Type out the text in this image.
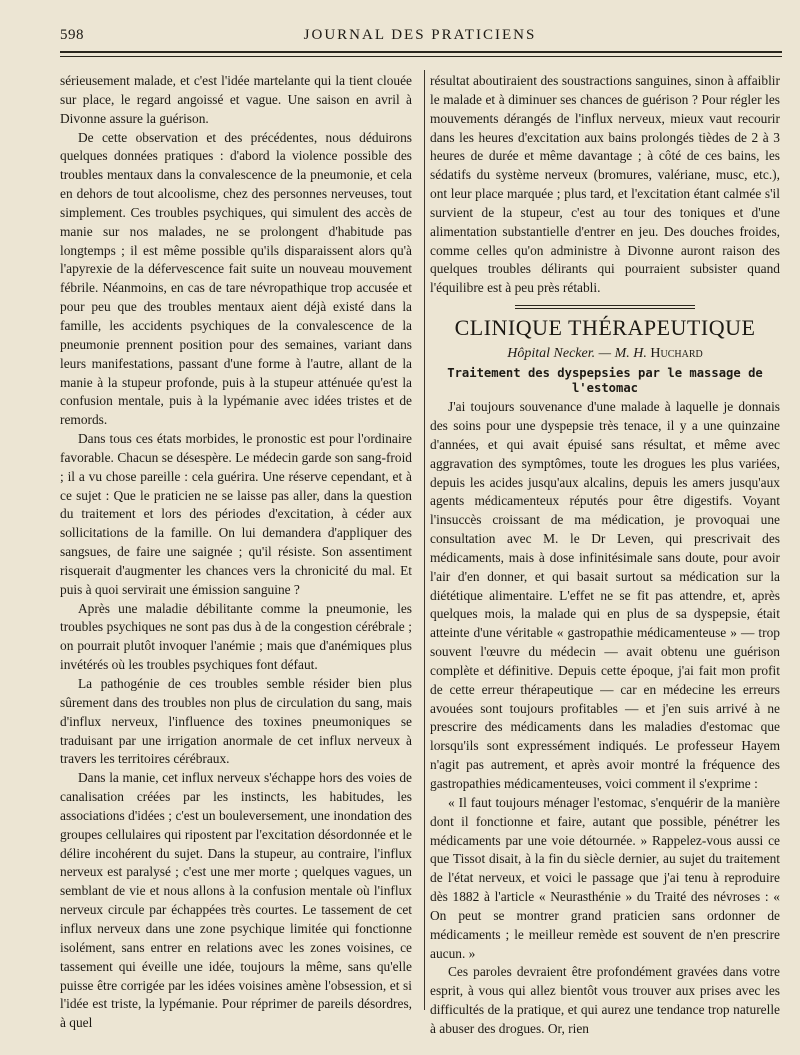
598	JOURNAL DES PRATICIENS

sérieusement malade, et c'est l'idée martelante qui la tient clouée sur place, le regard angoissé et vague. Une saison en avril à Divonne assure la guérison.

De cette observation et des précédentes, nous déduirons quelques données pratiques : d'abord la violence possible des troubles mentaux dans la convalescence de la pneumonie, et cela en dehors de tout alcoolisme, chez des personnes nerveuses, tout simplement. Ces troubles psychiques, qui simulent des accès de manie sur nos malades, ne se prolongent d'habitude pas longtemps ; il est même possible qu'ils disparaissent alors qu'à l'apyrexie de la défervescence fait suite un nouveau mouvement fébrile. Néanmoins, en cas de tare névropathique trop accusée et pour peu que des troubles mentaux aient déjà existé dans la famille, les accidents psychiques de la convalescence de la pneumonie prennent position pour des semaines, variant dans leurs manifestations, passant d'une forme à l'autre, allant de la manie à la stupeur profonde, puis à la stupeur atténuée qu'est la confusion mentale, puis à la lypémanie avec idées tristes et de remords.

Dans tous ces états morbides, le pronostic est pour l'ordinaire favorable. Chacun se désespère. Le médecin garde son sang-froid ; il a vu chose pareille : cela guérira. Une réserve cependant, et à ce sujet : Que le praticien ne se laisse pas aller, dans la question du traitement et lors des périodes d'excitation, à céder aux sollicitations de la famille. On lui demandera d'appliquer des sangsues, de faire une saignée ; qu'il résiste. Son assentiment risquerait d'augmenter les chances vers la chronicité du mal. Et puis à quoi servirait une émission sanguine ?

Après une maladie débilitante comme la pneumonie, les troubles psychiques ne sont pas dus à de la congestion cérébrale ; on pourrait plutôt invoquer l'anémie ; mais que d'anémiques plus invétérés où les troubles psychiques font défaut.

La pathogénie de ces troubles semble résider bien plus sûrement dans des troubles non plus de circulation du sang, mais d'influx nerveux, l'influence des toxines pneumoniques se traduisant par une irrigation anormale de cet influx nerveux à travers les territoires cérébraux.

Dans la manie, cet influx nerveux s'échappe hors des voies de canalisation créées par les instincts, les habitudes, les associations d'idées ; c'est un bouleversement, une inondation des groupes cellulaires qui ripostent par l'excitation désordonnée et le délire incohérent du sujet. Dans la stupeur, au contraire, l'influx nerveux est paralysé ; c'est une mer morte ; quelques vagues, un semblant de vie et nous allons à la confusion mentale où l'influx nerveux circule par échappées très courtes. Le tassement de cet influx nerveux dans une zone psychique limitée qui fonctionne isolément, sans entrer en relations avec les zones voisines, ce tassement qui éveille une idée, toujours la même, sans qu'elle puisse être corrigée par les idées voisines amène l'obsession, et si l'idée est triste, la lypémanie. Pour réprimer de pareils désordres, à quel

résultat aboutiraient des soustractions sanguines, sinon à affaiblir le malade et à diminuer ses chances de guérison ? Pour régler les mouvements dérangés de l'influx nerveux, mieux vaut recourir dans les heures d'excitation aux bains prolongés tièdes de 2 à 3 heures de durée et même davantage ; à côté de ces bains, les sédatifs du système nerveux (bromures, valériane, musc, etc.), ont leur place marquée ; plus tard, et l'excitation étant calmée s'il survient de la stupeur, c'est au tour des toniques et d'une alimentation substantielle d'entrer en jeu. Des douches froides, comme celles qu'on administre à Divonne auront raison des quelques troubles délirants qui pourraient subsister quand l'équilibre est à peu près rétabli.

CLINIQUE THÉRAPEUTIQUE
Hôpital Necker. — M. H. Huchard
Traitement des dyspepsies par le massage de l'estomac

J'ai toujours souvenance d'une malade à laquelle je donnais des soins pour une dyspepsie très tenace, il y a une quinzaine d'années, et qui avait épuisé sans résultat, et même avec aggravation des symptômes, toute les drogues les plus variées, depuis les acides jusqu'aux alcalins, depuis les amers jusqu'aux agents médicamenteux réputés pour être digestifs. Voyant l'insuccès croissant de ma médication, je provoquai une consultation avec M. le Dr Leven, qui prescrivait des médicaments, mais à dose infinitésimale sans doute, pour avoir l'air d'en donner, et qui basait surtout sa médication sur la diététique alimentaire. L'effet ne se fit pas attendre, et, après quelques mois, la malade qui en plus de sa dyspepsie, était atteinte d'une véritable « gastropathie médicamenteuse » — trop souvent l'œuvre du médecin — avait obtenu une guérison complète et définitive. Depuis cette époque, j'ai fait mon profit de cette erreur thérapeutique — car en médecine les erreurs avouées sont toujours profitables — et j'en suis arrivé à ne prescrire des médicaments dans les maladies d'estomac que lorsqu'ils sont expressément indiqués. Le professeur Hayem n'agit pas autrement, et après avoir montré la fréquence des gastropathies médicamenteuses, voici comment il s'exprime :

« Il faut toujours ménager l'estomac, s'enquérir de la manière dont il fonctionne et faire, autant que possible, pénétrer les médicaments par une voie détournée. » Rappelez-vous aussi ce que Tissot disait, à la fin du siècle dernier, au sujet du traitement de l'état nerveux, et voici le passage que j'ai tenu à reproduire dès 1882 à l'article « Neurasthénie » du Traité des névroses : « On peut se montrer grand praticien sans ordonner de médicaments ; le meilleur remède est souvent de n'en prescrire aucun. »

Ces paroles devraient être profondément gravées dans votre esprit, à vous qui allez bientôt vous trouver aux prises avec les difficultés de la pratique, et qui aurez une tendance trop naturelle à abuser des drogues. Or, rien
